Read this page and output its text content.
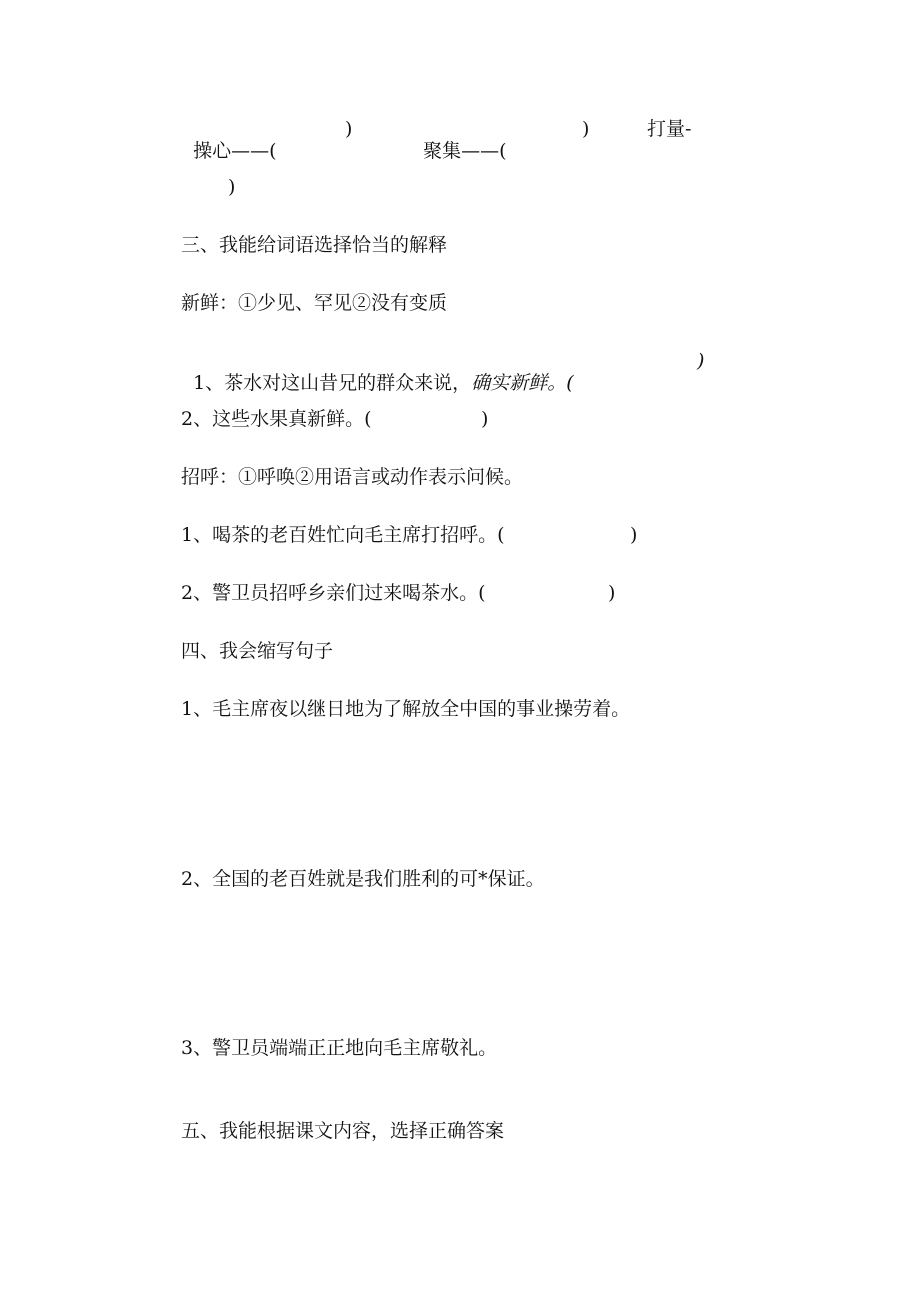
操心——(

)

聚集——(

)	打量-
)
三、我能给词语选择恰当的解释
新鲜：①少见、罕见②没有变质

1、茶水对这山昔兄的群众来说，确实新鲜。(

)
2、这些水果真新鲜。(	)
招呼：①呼唤②用语言或动作表示问候。
1、喝茶的老百姓忙向毛主席打招呼。(	)
2、警卫员招呼乡亲们过来喝茶水。(	)
四、我会缩写句子
1、毛主席夜以继日地为了解放全中国的事业操劳着。
2、全国的老百姓就是我们胜利的可*保证。
3、警卫员端端正正地向毛主席敬礼。
五、我能根据课文内容，选择正确答案
